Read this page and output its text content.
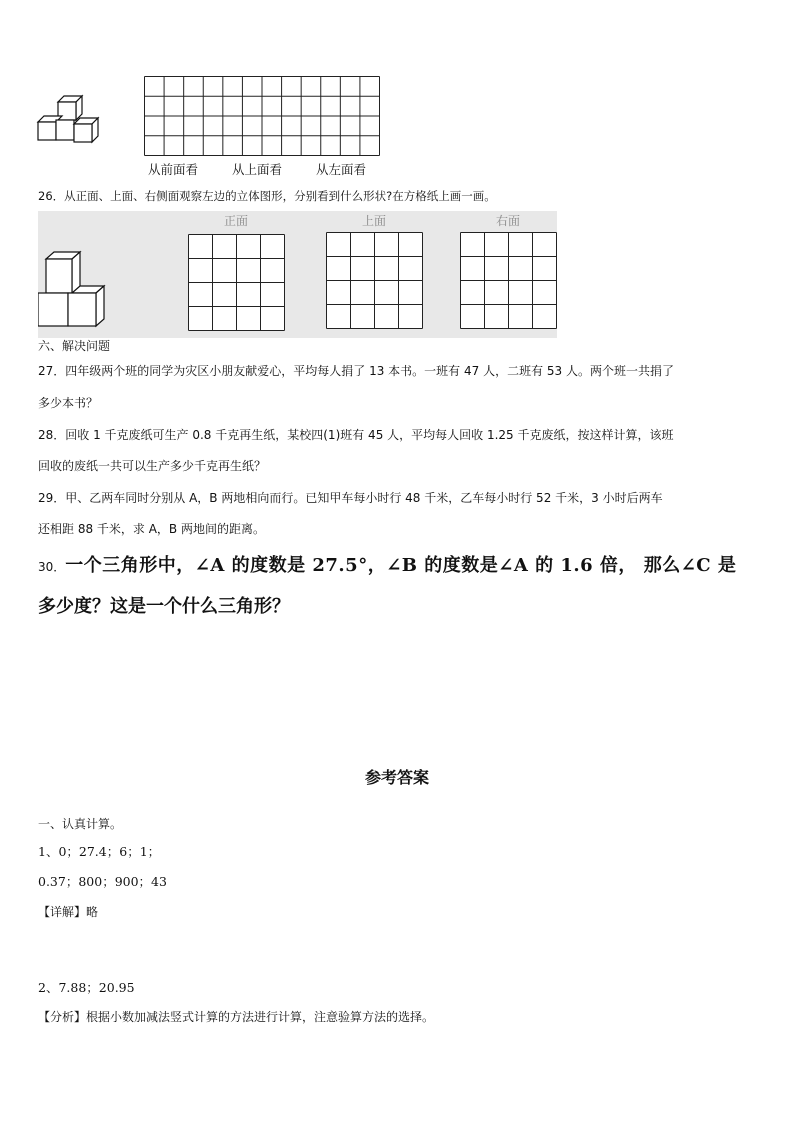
从前面看	从上面看	从左面看
26．从正面、上面、右侧面观察左边的立体图形，分别看到什么形状?在方格纸上画一画。
正面	上面	右面
六、解决问题
27．四年级两个班的同学为灾区小朋友献爱心，平均每人捐了 13 本书。一班有 47 人，二班有 53 人。两个班一共捐了
多少本书？
28．回收 1 千克废纸可生产 0.8 千克再生纸，某校四(1)班有 45 人，平均每人回收 1.25 千克废纸，按这样计算，该班
回收的废纸一共可以生产多少千克再生纸？
29．甲、乙两车同时分别从 A，B 两地相向而行。已知甲车每小时行 48 千米，乙车每小时行 52 千米，3 小时后两车
还相距 88 千米，求 A，B 两地间的距离。
30．一个三角形中，∠A 的度数是 27.5°，∠B 的度数是∠A 的 1.6 倍， 那么∠C 是
多少度？这是一个什么三角形？
参考答案
一、认真计算。
1、0；27.4；6；1；
0.37；800；900；43
【详解】略
2、7.88；20.95
【分析】根据小数加减法竖式计算的方法进行计算，注意验算方法的选择。
